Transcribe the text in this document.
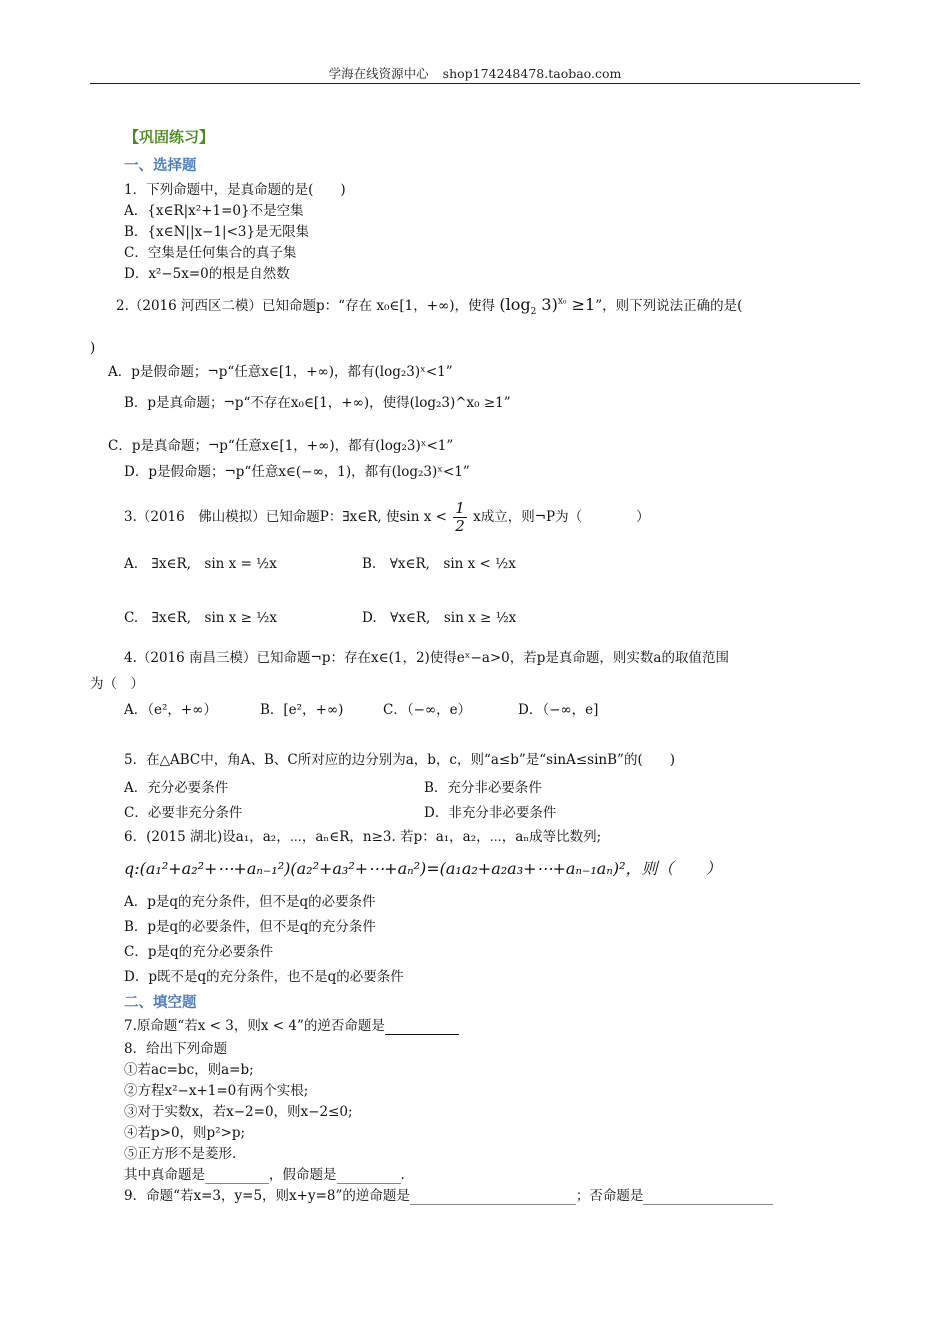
学海在线资源中心 shop174248478.taobao.com
【巩固练习】
一、选择题
1．下列命题中，是真命题的是(　　)
A．{x∈R|x²+1=0}不是空集
B．{x∈N||x−1|<3}是无限集
C．空集是任何集合的真子集
D．x²−5x=0的根是自然数
2.（2016 河西区二模）已知命题p：“存在 x₀∈[1，+∞)，使得 ($\log_2$ 3)$^{x_0}$ ≥1”，则下列说法正确的是(
)
A．p是假命题；¬p“任意x∈[1，+∞)，都有(log₂3)ˣ<1”
B．p是真命题；¬p“不存在x₀∈[1，+∞)，使得(log₂3)^x₀ ≥1”
C．p是真命题；¬p“任意x∈[1，+∞)，都有(log₂3)ˣ<1”
D．p是假命题；¬p“任意x∈(−∞，1)，都有(log₂3)ˣ<1”
3.（2016　佛山模拟）已知命题P：∃x∈R, 使$\sin x < \frac{1}{2}$ x成立，则¬P为（　　　　）
A.　∃x∈R,　sin x = ½x	B.　∀x∈R,　sin x < ½x
C.　∃x∈R,　sin x ≥ ½x	D.　∀x∈R,　sin x ≥ ½x
4.（2016 南昌三模）已知命题¬p：存在x∈(1，2)使得eˣ−a>0，若p是真命题，则实数a的取值范围
为（　）
A．（e²，+∞）	B．[e²，+∞)	C．（−∞，e）	D．（−∞，e]
5．在△ABC中，角A、B、C所对应的边分别为a，b，c，则“a≤b”是“sinA≤sinB”的(　　)
A．充分必要条件	B．充分非必要条件
C．必要非充分条件	D．非充分非必要条件
6．(2015 湖北)设a₁，a₂，⋯，aₙ∈R，n≥3. 若p：a₁，a₂，⋯，aₙ成等比数列;
q:(a₁²+a₂²+⋯+aₙ₋₁²)(a₂²+a₃²+⋯+aₙ²)=(a₁a₂+a₂a₃+⋯+aₙ₋₁aₙ)²，则（　　）
A．p是q的充分条件，但不是q的必要条件
B．p是q的必要条件，但不是q的充分条件
C．p是q的充分必要条件
D．p既不是q的充分条件，也不是q的必要条件
二、填空题
7.原命题“若x < 3，则x < 4”的逆否命题是
8．给出下列命题
①若ac=bc，则a=b;
②方程x²−x+1=0有两个实根;
③对于实数x，若x−2=0，则x−2≤0;
④若p>0，则p²>p;
⑤正方形不是菱形.
其中真命题是	，假命题是	.
9．命题“若x=3，y=5，则x+y=8”的逆命题是	；否命题是
